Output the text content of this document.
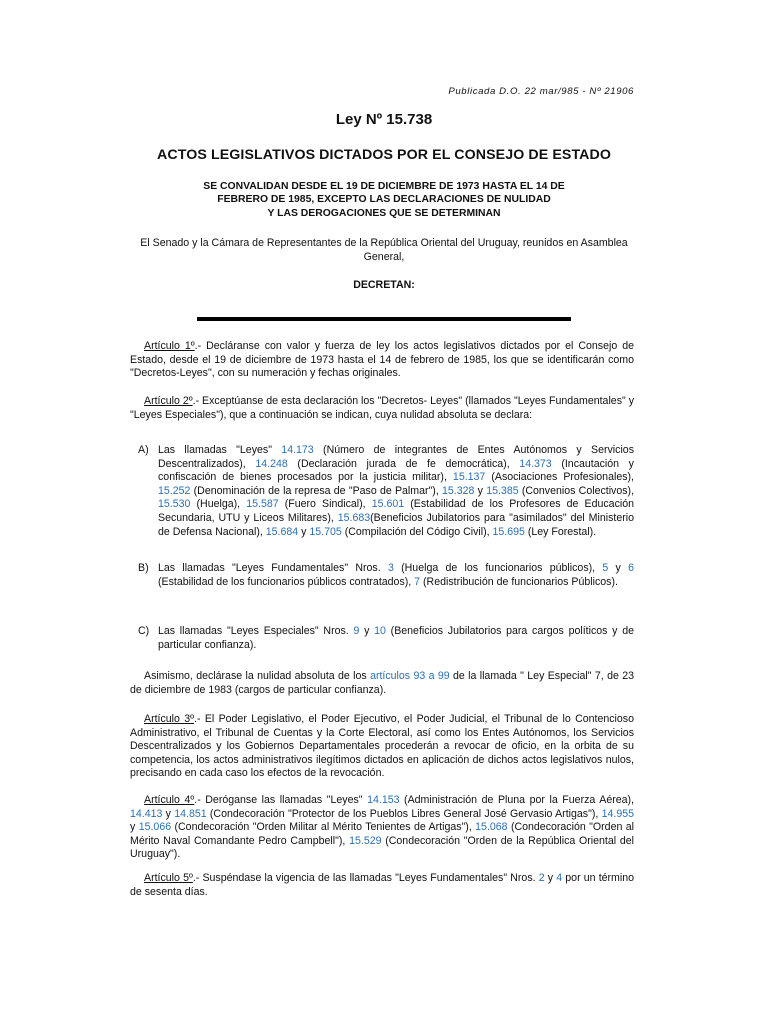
Publicada D.O. 22 mar/985 - Nº 21906
Ley Nº 15.738
ACTOS LEGISLATIVOS DICTADOS POR EL CONSEJO DE ESTADO
SE CONVALIDAN DESDE EL 19 DE DICIEMBRE DE 1973 HASTA EL 14 DE
FEBRERO DE 1985, EXCEPTO LAS DECLARACIONES DE NULIDAD
Y LAS DEROGACIONES QUE SE DETERMINAN
El Senado y la Cámara de Representantes de la República Oriental del Uruguay, reunidos en Asamblea General,
DECRETAN:
Artículo 1º.- Decláranse con valor y fuerza de ley los actos legislativos dictados por el Consejo de Estado, desde el 19 de diciembre de 1973 hasta el 14 de febrero de 1985, los que se identificarán como "Decretos-Leyes", con su numeración y fechas originales.
Artículo 2º.- Exceptúanse de esta declaración los "Decretos- Leyes" (llamados "Leyes Fundamentales" y "Leyes Especiales"), que a continuación se indican, cuya nulidad absoluta se declara:
A) Las llamadas "Leyes" 14.173 (Número de integrantes de Entes Autónomos y Servicios Descentralizados), 14.248 (Declaración jurada de fe democrática), 14.373 (Incautación y confiscación de bienes procesados por la justicia militar), 15.137 (Asociaciones Profesionales), 15.252 (Denominación de la represa de "Paso de Palmar"), 15.328 y 15.385 (Convenios Colectivos), 15.530 (Huelga), 15.587 (Fuero Sindical), 15.601 (Estabilidad de los Profesores de Educación Secundaria, UTU y Liceos Militares), 15.683(Beneficios Jubilatorios para "asimilados" del Ministerio de Defensa Nacional), 15.684 y 15.705 (Compilación del Código Civil), 15.695 (Ley Forestal).
B) Las llamadas "Leyes Fundamentales" Nros. 3 (Huelga de los funcionarios públicos), 5 y 6 (Estabilidad de los funcionarios públicos contratados), 7 (Redistribución de funcionarios Públicos).
C) Las llamadas "Leyes Especiales" Nros. 9 y 10 (Beneficios Jubilatorios para cargos políticos y de particular confianza).
Asimismo, declárase la nulidad absoluta de los artículos 93 a 99 de la llamada " Ley Especial" 7, de 23 de diciembre de 1983 (cargos de particular confianza).
Artículo 3º.- El Poder Legislativo, el Poder Ejecutivo, el Poder Judicial, el Tribunal de lo Contencioso Administrativo, el Tribunal de Cuentas y la Corte Electoral, así como los Entes Autónomos, los Servicios Descentralizados y los Gobiernos Departamentales procederán a revocar de oficio, en la orbita de su competencia, los actos administrativos ilegítimos dictados en aplicación de dichos actos legislativos nulos, precisando en cada caso los efectos de la revocación.
Artículo 4º.- Deróganse las llamadas "Leyes" 14.153 (Administración de Pluna por la Fuerza Aérea), 14.413 y 14.851 (Condecoración "Protector de los Pueblos Libres General José Gervasio Artigas"), 14.955 y 15.066 (Condecoración "Orden Militar al Mérito Tenientes de Artigas"), 15.068 (Condecoración "Orden al Mérito Naval Comandante Pedro Campbell"), 15.529 (Condecoración "Orden de la República Oriental del Uruguay").
Artículo 5º.- Suspéndase la vigencia de las llamadas "Leyes Fundamentales" Nros. 2 y 4 por un término de sesenta días.
